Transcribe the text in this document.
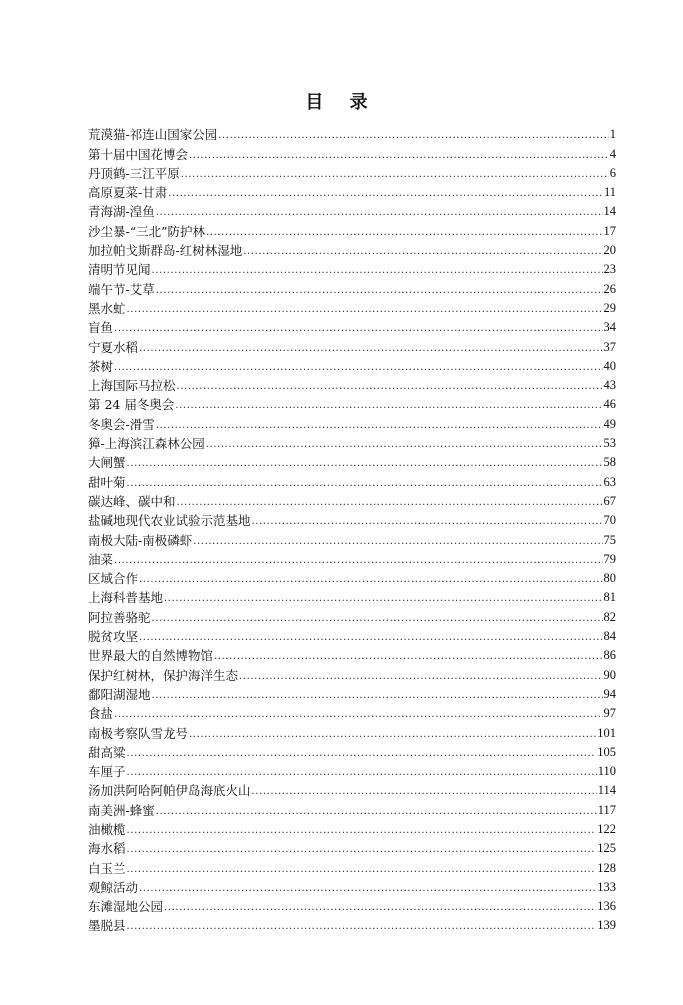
目 录
荒漠猫-祁连山国家公园 .....	1
第十届中国花博会 .....	4
丹顶鹤-三江平原 .....	6
高原夏菜-甘肃 .....	11
青海湖-湟鱼 .....	14
沙尘暴-“三北”防护林 .....	17
加拉帕戈斯群岛-红树林湿地 .....	20
清明节见闻 .....	23
端午节-艾草 .....	26
黑水虻 .....	29
盲鱼 .....	34
宁夏水稻 .....	37
茶树 .....	40
上海国际马拉松 .....	43
第 24 届冬奥会 .....	46
冬奥会-滑雪 .....	49
獐-上海滨江森林公园 .....	53
大闸蟹 .....	58
甜叶菊 .....	63
碳达峰、碳中和 .....	67
盐碱地现代农业试验示范基地 .....	70
南极大陆-南极磷虾 .....	75
油菜 .....	79
区域合作 .....	80
上海科普基地 .....	81
阿拉善骆驼 .....	82
脱贫攻坚 .....	84
世界最大的自然博物馆 .....	86
保护红树林，保护海洋生态 .....	90
鄱阳湖湿地 .....	94
食盐 .....	97
南极考察队雪龙号 .....	101
甜高粱 .....	105
车厘子 .....	110
汤加洪阿哈阿帕伊岛海底火山 .....	114
南美洲-蜂蜜 .....	117
油橄榄 .....	122
海水稻 .....	125
白玉兰 .....	128
观鲸活动 .....	133
东滩湿地公园 .....	136
墨脱县 .....	139
